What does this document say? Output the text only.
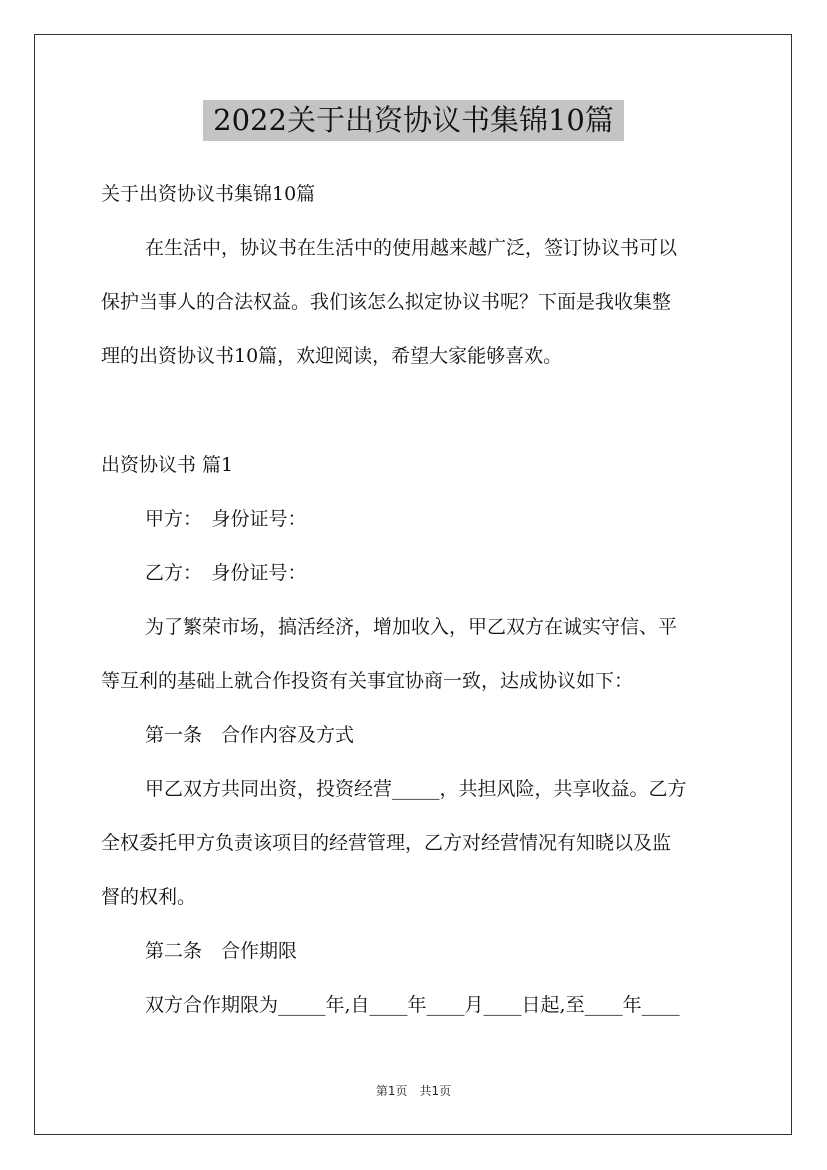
2022关于出资协议书集锦10篇
关于出资协议书集锦10篇
在生活中，协议书在生活中的使用越来越广泛，签订协议书可以
保护当事人的合法权益。我们该怎么拟定协议书呢？下面是我收集整
理的出资协议书10篇，欢迎阅读，希望大家能够喜欢。
出资协议书 篇1
甲方：　身份证号：
乙方：　身份证号：
为了繁荣市场，搞活经济，增加收入，甲乙双方在诚实守信、平
等互利的基础上就合作投资有关事宜协商一致，达成协议如下：
第一条　合作内容及方式
甲乙双方共同出资，投资经营_____，共担风险，共享收益。乙方
全权委托甲方负责该项目的经营管理，乙方对经营情况有知晓以及监
督的权利。
第二条　合作期限
双方合作期限为_____年,自____年____月____日起,至____年____
第1页　共1页
